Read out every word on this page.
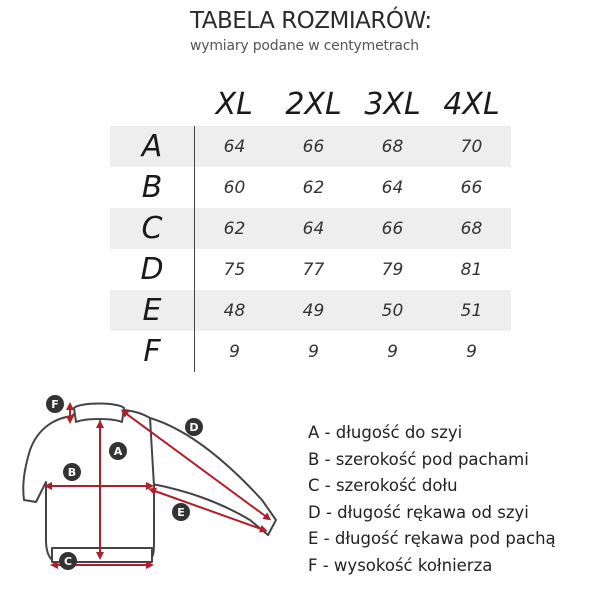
TABELA ROZMIARÓW:
wymiary podane w centymetrach
	XL	2XL	3XL	4XL
A	64	66	68	70
B	60	62	64	66
C	62	64	66	68
D	75	77	79	81
E	48	49	50	51
F	9	9	9	9
A
B
C
D
E
F
A - długość do szyi
B - szerokość pod pachami
C - szerokość dołu
D - długość rękawa od szyi
E - długość rękawa pod pachą
F - wysokość kołnierza
